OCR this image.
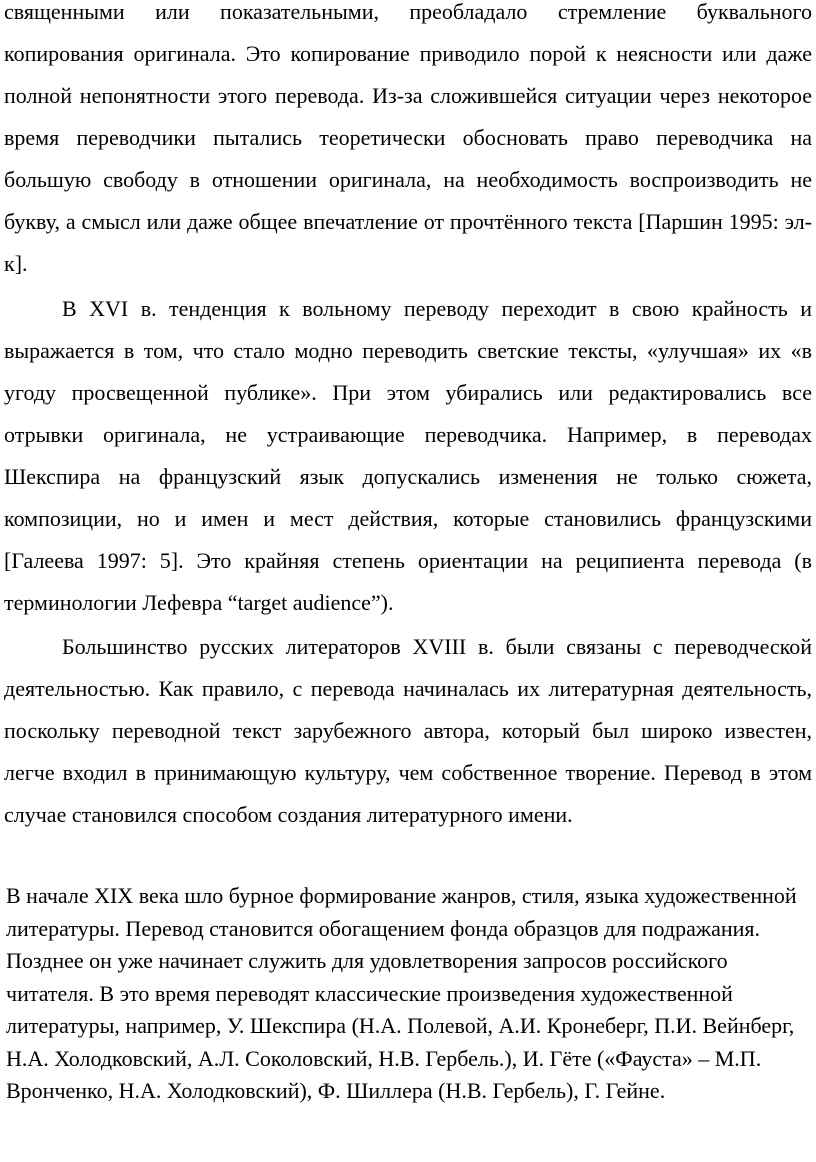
священными или показательными, преобладало стремление буквального копирования оригинала. Это копирование приводило порой к неясности или даже полной непонятности этого перевода. Из-за сложившейся ситуации через некоторое время переводчики пытались теоретически обосновать право переводчика на большую свободу в отношении оригинала, на необходимость воспроизводить не букву, а смысл или даже общее впечатление от прочтённого текста [Паршин 1995: эл-к].

В XVI в. тенденция к вольному переводу переходит в свою крайность и выражается в том, что стало модно переводить светские тексты, «улучшая» их «в угоду просвещенной публике». При этом убирались или редактировались все отрывки оригинала, не устраивающие переводчика. Например, в переводах Шекспира на французский язык допускались изменения не только сюжета, композиции, но и имен и мест действия, которые становились французскими [Галеева 1997: 5]. Это крайняя степень ориентации на реципиента перевода (в терминологии Лефевра “target audience”).

Большинство русских литераторов XVIII в. были связаны с переводческой деятельностью. Как правило, с перевода начиналась их литературная деятельность, поскольку переводной текст зарубежного автора, который был широко известен, легче входил в принимающую культуру, чем собственное творение. Перевод в этом случае становился способом создания литературного имени.

В начале XIX века шло бурное формирование жанров, стиля, языка художественной литературы. Перевод становится обогащением фонда образцов для подражания. Позднее он уже начинает служить для удовлетворения запросов российского читателя. В это время переводят классические произведения художественной литературы, например, У. Шекспира (Н.А. Полевой, А.И. Кронеберг, П.И. Вейнберг, Н.А. Холодковский, А.Л. Соколовский, Н.В. Гербель.), И. Гёте («Фауста» – М.П. Вронченко, Н.А. Холодковский), Ф. Шиллера (Н.В. Гербель), Г. Гейне.
